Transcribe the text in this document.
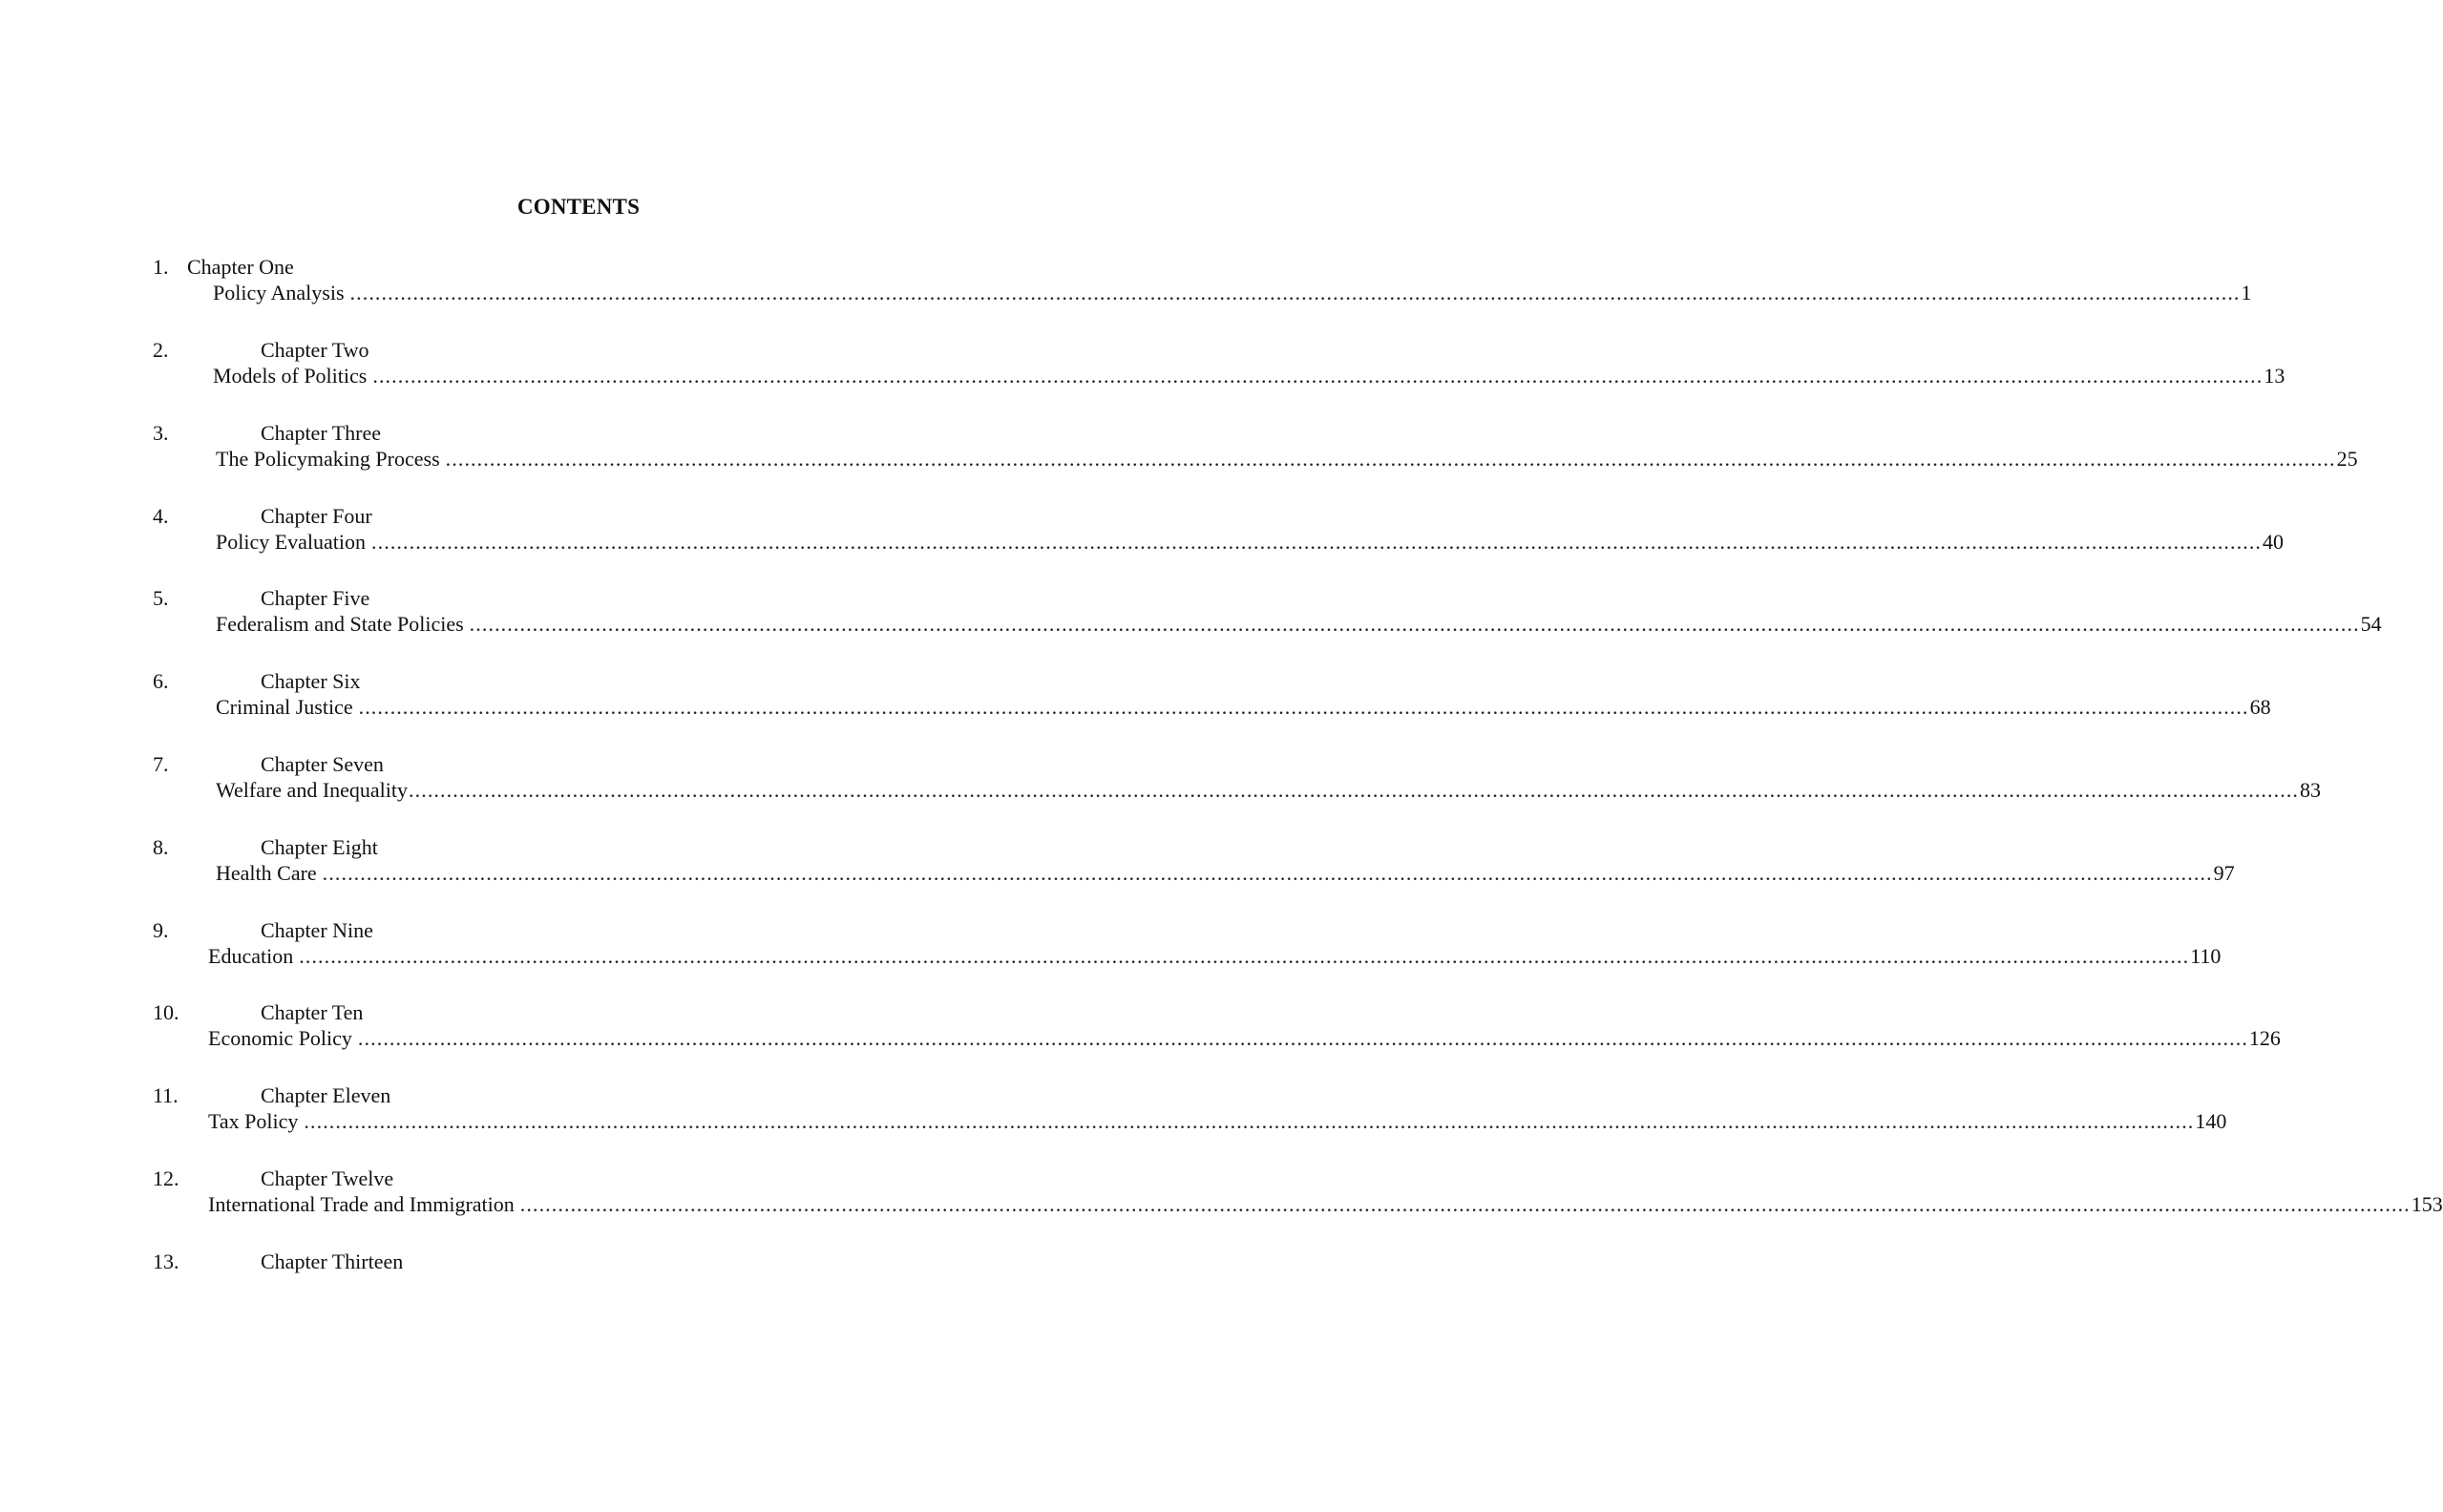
CONTENTS
1. Chapter One
Policy Analysis ............................................................................................................................................................................................................................................................................................................ 1
2.	Chapter Two
Models of Politics ............................................................................................................................................................................................................................................................................................................ 13
3.	Chapter Three
The Policymaking Process ............................................................................................................................................................................................................................................................................................................ 25
4.	Chapter Four
Policy Evaluation ............................................................................................................................................................................................................................................................................................................ 40
5.	Chapter Five
Federalism and State Policies ............................................................................................................................................................................................................................................................................................................ 54
6.	Chapter Six
Criminal Justice ............................................................................................................................................................................................................................................................................................................ 68
7.	Chapter Seven
Welfare and Inequality ............................................................................................................................................................................................................................................................................................................ 83
8.	Chapter Eight
Health Care ............................................................................................................................................................................................................................................................................................................ 97
9.	Chapter Nine
Education ............................................................................................................................................................................................................................................................................................................ 110
10.	Chapter Ten
Economic Policy ............................................................................................................................................................................................................................................................................................................ 126
11.	Chapter Eleven
Tax Policy ............................................................................................................................................................................................................................................................................................................ 140
12.	Chapter Twelve
International Trade and Immigration ............................................................................................................................................................................................................................................................................................................ 153
13.	Chapter Thirteen
